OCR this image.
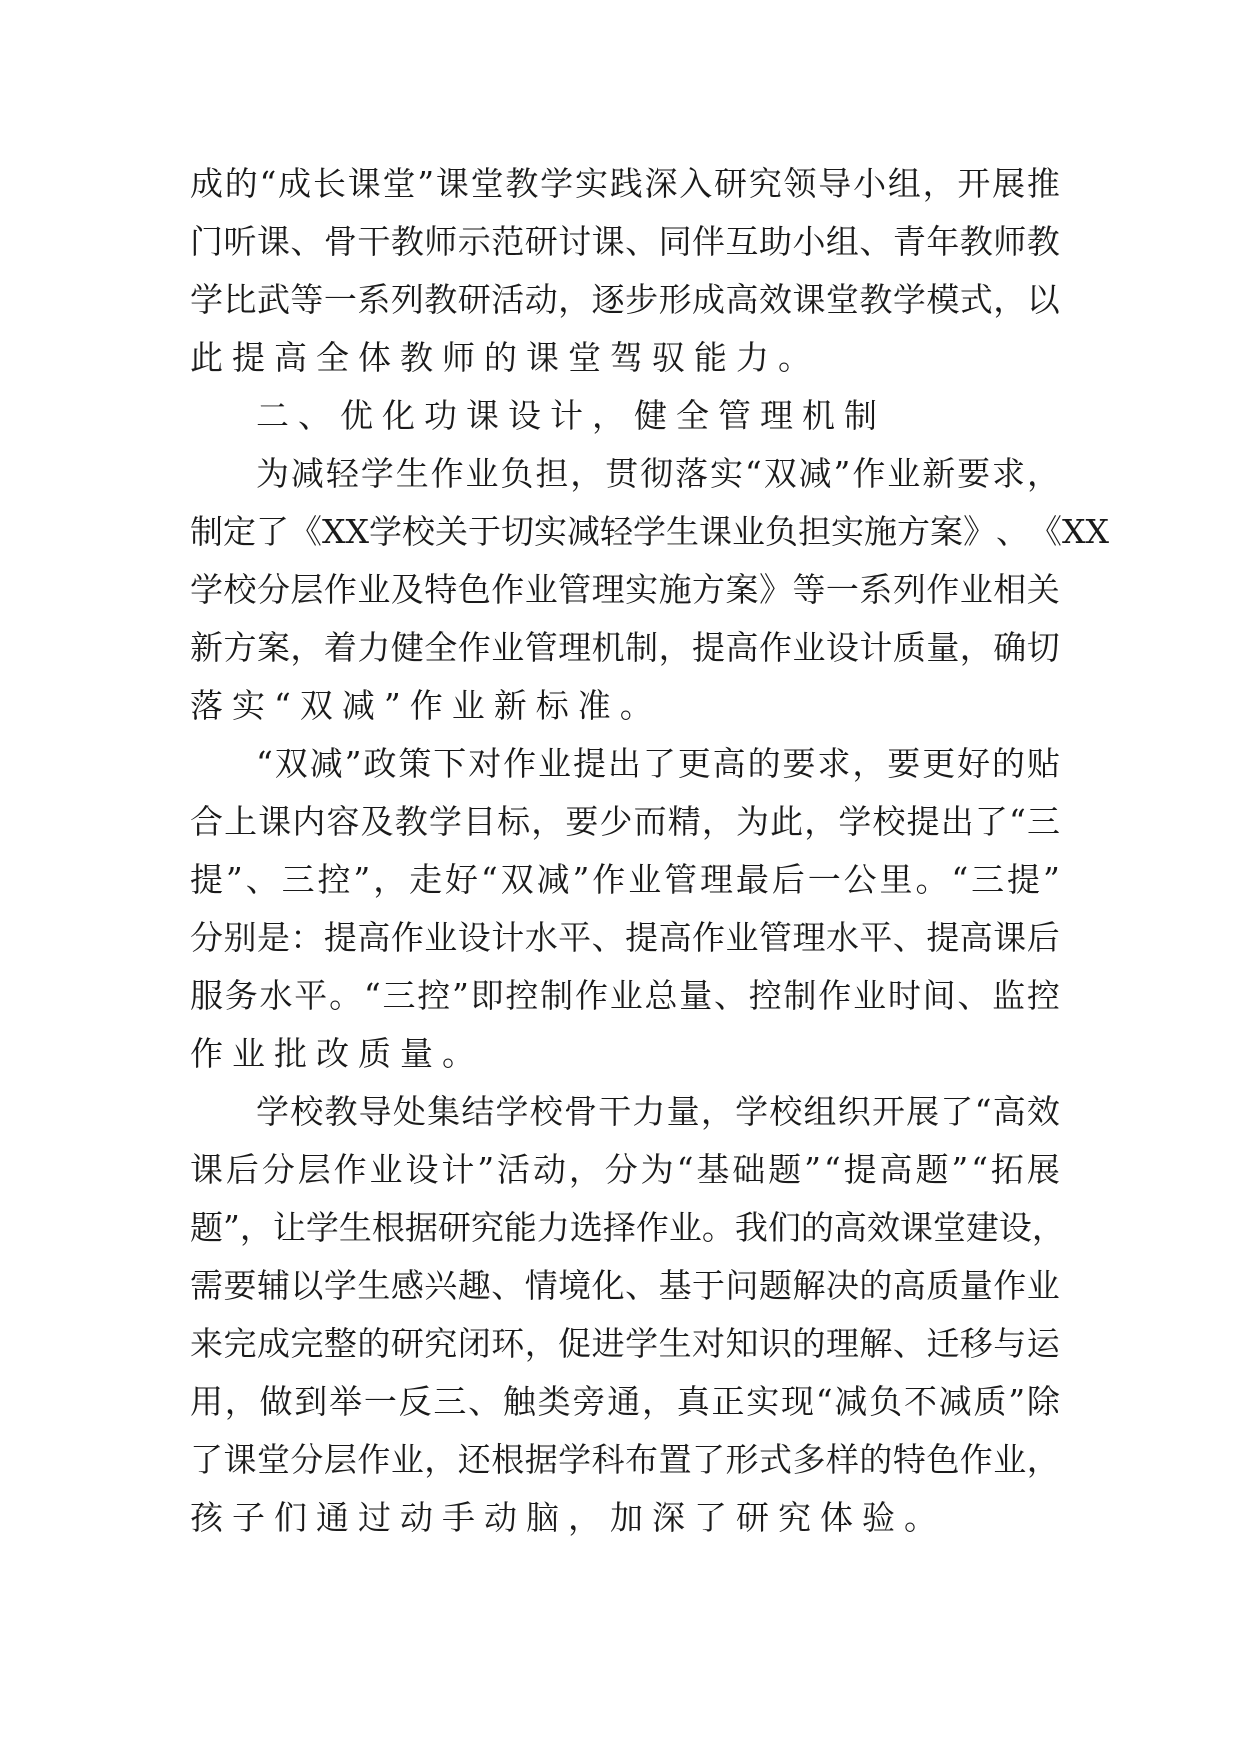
成 的 “ 成 长 课 堂 ” 课 堂 教 学 实 践 深 入 研 究 领 导 小 组 ， 开 展 推
门 听 课 、 骨 干 教 师 示 范 研 讨 课 、 同 伴 互 助 小 组 、 青 年 教 师 教
学 比 武 等 一 系 列 教 研 活 动 ， 逐 步 形 成 高 效 课 堂 教 学 模 式 ， 以
此提高全体教师的课堂驾驭能力。
二、优化功课设计，健全管理机制
为 减 轻 学 生 作 业 负 担 ， 贯 彻 落 实 “ 双 减 ” 作 业 新 要 求 ，
制 定 了 《 XX 学 校 关 于 切 实 减 轻 学 生 课 业 负 担 实 施 方 案 》 、 《 XX
学 校 分 层 作 业 及 特 色 作 业 管 理 实 施 方 案 》 等 一 系 列 作 业 相 关
新 方 案 ， 着 力 健 全 作 业 管 理 机 制 ， 提 高 作 业 设 计 质 量 ， 确 切
落实“双减”作业新标准。
“ 双 减 ” 政 策 下 对 作 业 提 出 了 更 高 的 要 求 ， 要 更 好 的 贴
合 上 课 内 容 及 教 学 目 标 ， 要 少 而 精 ， 为 此 ， 学 校 提 出 了 “ 三
提 ” 、 三 控 ” ， 走 好 “ 双 减 ” 作 业 管 理 最 后 一 公 里 。 “ 三 提 ”
分 别 是 ： 提 高 作 业 设 计 水 平 、 提 高 作 业 管 理 水 平 、 提 高 课 后
服 务 水 平 。 “ 三 控 ” 即 控 制 作 业 总 量 、 控 制 作 业 时 间 、 监 控
作业批改质量。
学 校 教 导 处 集 结 学 校 骨 干 力 量 ， 学 校 组 织 开 展 了 “ 高 效
课 后 分 层 作 业 设 计 ” 活 动 ， 分 为 “ 基 础 题 ” “ 提 高 题 ” “ 拓 展
题 ” ， 让 学 生 根 据 研 究 能 力 选 择 作 业 。 我 们 的 高 效 课 堂 建 设 ，
需 要 辅 以 学 生 感 兴 趣 、 情 境 化 、 基 于 问 题 解 决 的 高 质 量 作 业
来 完 成 完 整 的 研 究 闭 环 ， 促 进 学 生 对 知 识 的 理 解 、 迁 移 与 运
用 ， 做 到 举 一 反 三 、 触 类 旁 通 ， 真 正 实 现 “ 减 负 不 减 质 ” 除
了 课 堂 分 层 作 业 ， 还 根 据 学 科 布 置 了 形 式 多 样 的 特 色 作 业 ，
孩子们通过动手动脑，加深了研究体验。
